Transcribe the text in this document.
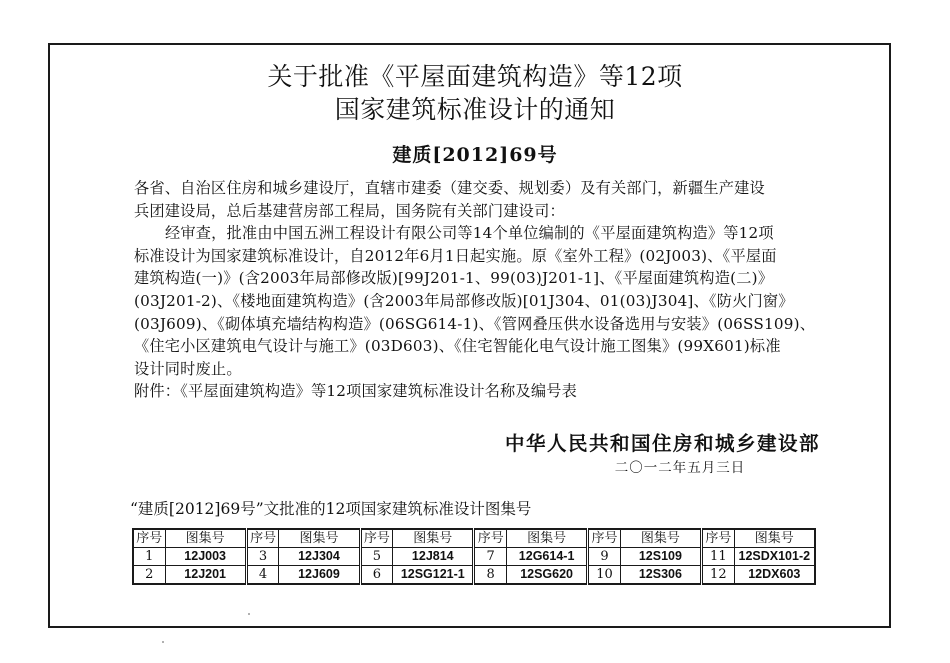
关于批准《平屋面建筑构造》等12项
国家建筑标准设计的通知
建质[2012]69号

各省、自治区住房和城乡建设厅，直辖市建委（建交委、规划委）及有关部门，新疆生产建设

兵团建设局，总后基建营房部工程局，国务院有关部门建设司：

经审查，批准由中国五洲工程设计有限公司等14个单位编制的《平屋面建筑构造》等12项

标准设计为国家建筑标准设计，自2012年6月1日起实施。原《室外工程》(02J003)、《平屋面

建筑构造(一)》(含2003年局部修改版)[99J201-1、99(03)J201-1]、《平屋面建筑构造(二)》

(03J201-2)、《楼地面建筑构造》(含2003年局部修改版)[01J304、01(03)J304]、《防火门窗》

(03J609)、《砌体填充墙结构构造》(06SG614-1)、《管网叠压供水设备选用与安装》(06SS109)、

《住宅小区建筑电气设计与施工》(03D603)、《住宅智能化电气设计施工图集》(99X601)标准

设计同时废止。

附件：《平屋面建筑构造》等12项国家建筑标准设计名称及编号表

中华人民共和国住房和城乡建设部
二〇一二年五月三日
“建质[2012]69号”文批准的12项国家建筑标准设计图集号
序号	图集号	序号	图集号	序号	图集号	序号	图集号	序号	图集号	序号	图集号
1	12J003	3	12J304	5	12J814	7	12G614-1	9	12S109	11	12SDX101-2
2	12J201	4	12J609	6	12SG121-1	8	12SG620	10	12S306	12	12DX603
